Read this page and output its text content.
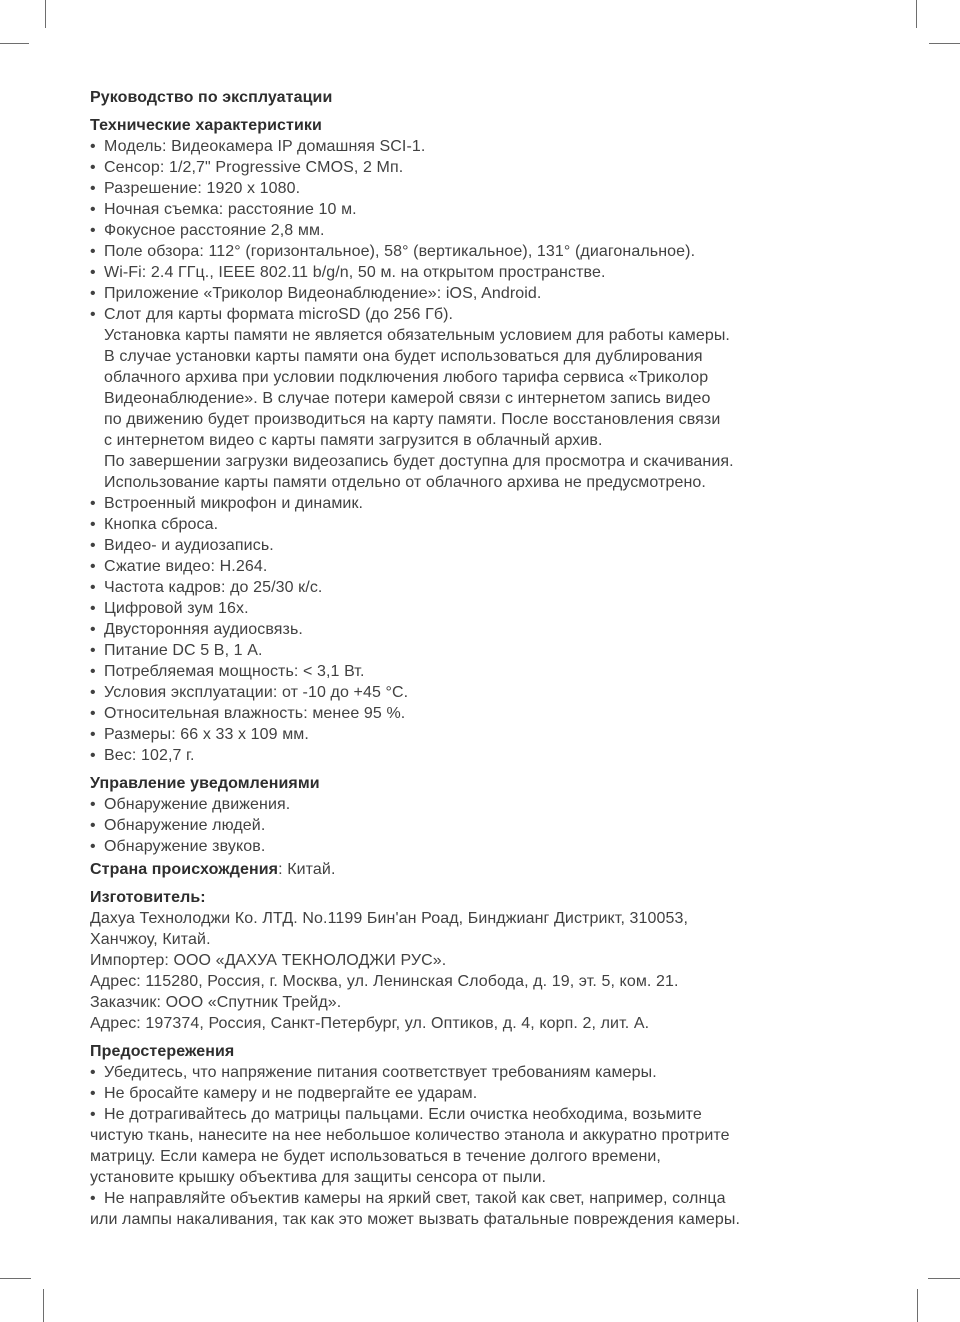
Руководство по эксплуатации
Технические характеристики
• Модель: Видеокамера IP домашняя SCI-1.
• Сенсор: 1/2,7" Progressive CMOS, 2 Мп.
• Разрешение: 1920 х 1080.
• Ночная съемка: расстояние 10 м.
• Фокусное расстояние 2,8 мм.
• Поле обзора: 112° (горизонтальное), 58° (вертикальное), 131° (диагональное).
• Wi-Fi: 2.4 ГГц., IEEE 802.11 b/g/n, 50 м. на открытом пространстве.
• Приложение «Триколор Видеонаблюдение»: iOS, Android.
• Слот для карты формата microSD (до 256 Гб).
Установка карты памяти не является обязательным условием для работы камеры.
В случае установки карты памяти она будет использоваться для дублирования
облачного архива при условии подключения любого тарифа сервиса «Триколор
Видеонаблюдение». В случае потери камерой связи с интернетом запись видео
по движению будет производиться на карту памяти. После восстановления связи
с интернетом видео с карты памяти загрузится в облачный архив.
По завершении загрузки видеозапись будет доступна для просмотра и скачивания.
Использование карты памяти отдельно от облачного архива не предусмотрено.
• Встроенный микрофон и динамик.
• Кнопка сброса.
• Видео- и аудиозапись.
• Сжатие видео: H.264.
• Частота кадров: до 25/30 к/с.
• Цифровой зум 16х.
• Двусторонняя аудиосвязь.
• Питание DC 5 В, 1 А.
• Потребляемая мощность: < 3,1 Вт.
• Условия эксплуатации: от -10 до +45 °С.
• Относительная влажность: менее 95 %.
• Размеры: 66 х 33 х 109 мм.
• Вес: 102,7 г.
Управление уведомлениями
• Обнаружение движения.
• Обнаружение людей.
• Обнаружение звуков.
Страна происхождения: Китай.
Изготовитель:
Дахуа Технолоджи Ко. ЛТД. No.1199 Бин'ан Роад, Бинджианг Дистрикт, 310053,
Ханчжоу, Китай.
Импортер: ООО «ДАХУА ТЕКНОЛОДЖИ РУС».
Адрес: 115280, Россия, г. Москва, ул. Ленинская Слобода, д. 19, эт. 5, ком. 21.
Заказчик: ООО «Спутник Трейд».
Адрес: 197374, Россия, Санкт-Петербург, ул. Оптиков, д. 4, корп. 2, лит. А.
Предостережения
• Убедитесь, что напряжение питания соответствует требованиям камеры.
• Не бросайте камеру и не подвергайте ее ударам.
• Не дотрагивайтесь до матрицы пальцами. Если очистка необходима, возьмите
чистую ткань, нанесите на нее небольшое количество этанола и аккуратно протрите
матрицу. Если камера не будет использоваться в течение долгого времени,
установите крышку объектива для защиты сенсора от пыли.
• Не направляйте объектив камеры на яркий свет, такой как свет, например, солнца
или лампы накаливания, так как это может вызвать фатальные повреждения камеры.
